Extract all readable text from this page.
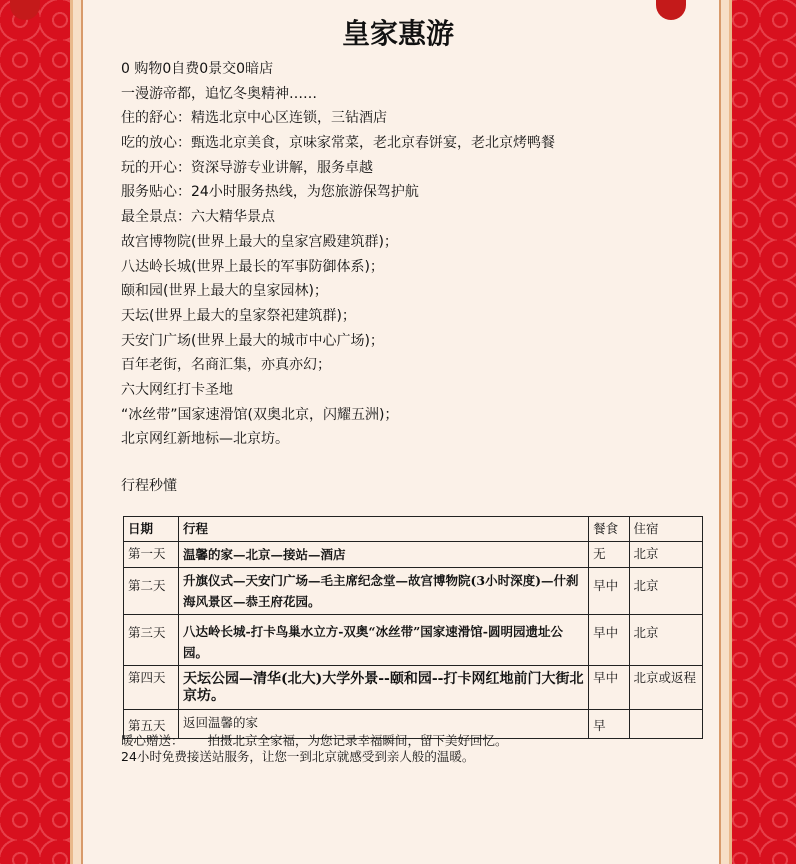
皇家惠游
0 购物0自费0景交0暗店
一漫游帝都，追忆冬奥精神……
住的舒心：精选北京中心区连锁，三钻酒店
吃的放心：甄选北京美食，京味家常菜，老北京春饼宴，老北京烤鸭餐
玩的开心：资深导游专业讲解，服务卓越
服务贴心：24小时服务热线，为您旅游保驾护航
最全景点：六大精华景点
故宫博物院(世界上最大的皇家宫殿建筑群)；
八达岭长城(世界上最长的军事防御体系)；
颐和园(世界上最大的皇家园林)；
天坛(世界上最大的皇家祭祀建筑群)；
天安门广场(世界上最大的城市中心广场)；
百年老街，名商汇集，亦真亦幻；
六大网红打卡圣地
“冰丝带”国家速滑馆(双奥北京，闪耀五洲)；
北京网红新地标—北京坊。
行程秒懂
日期	行程	餐食	住宿
第一天	温馨的家—北京—接站—酒店	无	北京
第二天	升旗仪式—天安门广场—毛主席纪念堂—故宫博物院(3小时深度)—什刹海风景区—恭王府花园。	早中	北京
第三天	八达岭长城-打卡鸟巢水立方-双奥“冰丝带”国家速滑馆-圆明园遗址公园。	早中	北京
第四天	天坛公园—清华(北大)大学外景--颐和园--打卡网红地前门大街北京坊。	早中	北京或返程
第五天	返回温馨的家	早	
暖心赠送： 拍摄北京全家福，为您记录幸福瞬间，留下美好回忆。
24小时免费接送站服务，让您一到北京就感受到亲人般的温暖。
